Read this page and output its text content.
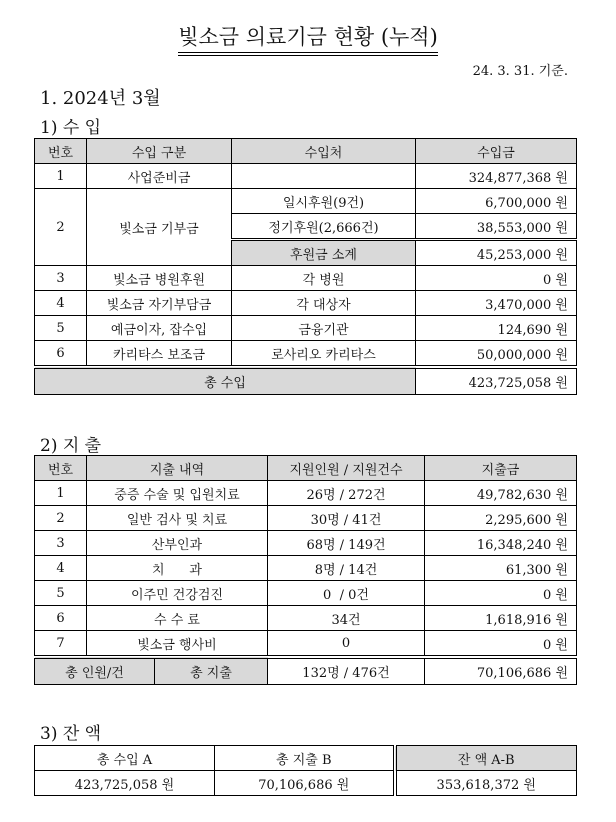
빛소금 의료기금 현황 (누적)
24. 3. 31. 기준.
1. 2024년 3월
1) 수 입
번호	수입 구분	수입처	수입금
1	사업준비금		324,877,368 원
2	빛소금 기부금	일시후원(9건)	6,700,000 원
		정기후원(2,666건)	38,553,000 원
		후원금 소계	45,253,000 원
3	빛소금 병원후원	각 병원	0 원
4	빛소금 자기부담금	각 대상자	3,470,000 원
5	예금이자, 잡수입	금융기관	124,690 원
6	카리타스 보조금	로사리오 카리타스	50,000,000 원
총 수입			423,725,058 원
2) 지 출
번호	지출 내역		지원인원 / 지원건수	지출금
1	중증 수술 및 입원치료		26명 / 272건	49,782,630 원
2	일반 검사 및 치료		30명 / 41건	2,295,600 원
3	산부인과		68명 / 149건	16,348,240 원
4	치      과		8명 / 14건	61,300 원
5	이주민 건강검진		0  / 0건	0 원
6	수 수 료		34건	1,618,916 원
7	빛소금 행사비		0	0 원
총 인원/건		총 지출	132명 / 476건	70,106,686 원
3) 잔 액
총 수입 A	총 지출 B	잔 액 A-B
423,725,058 원	70,106,686 원	353,618,372 원
